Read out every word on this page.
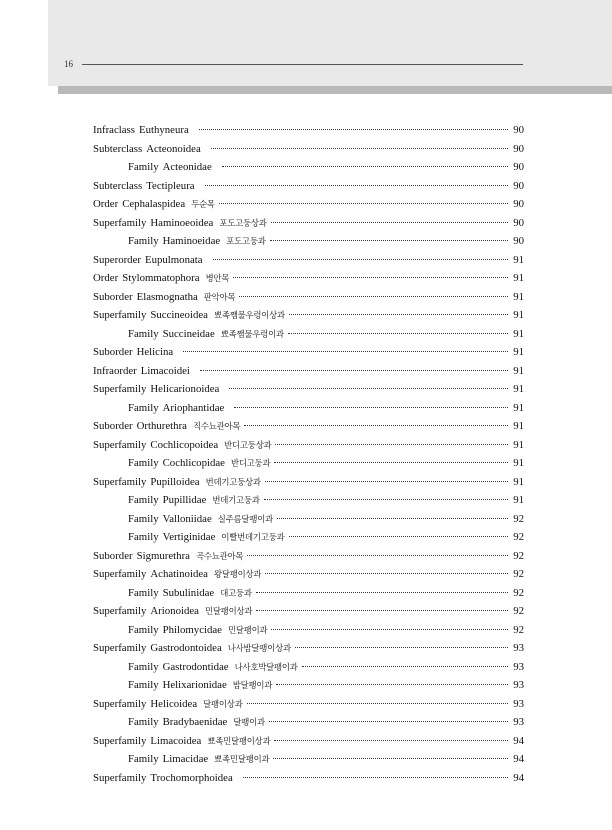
16
Infraclass Euthyneura	90
Subterclass Acteonoidea	90
Family Acteonidae	90
Subterclass Tectipleura	90
Order Cephalaspidea 두순목	90
Superfamily Haminoeoidea 포도고둥상과	90
Family Haminoeidae 포도고둥과	90
Superorder Eupulmonata	91
Order Stylommatophora 병안목	91
Suborder Elasmognatha 판악아목	91
Superfamily Succineoidea 뾰족쨈물우렁이상과	91
Family Succineidae 뾰족쨈물우렁이과	91
Suborder Helicina	91
Infraorder Limacoidei	91
Superfamily Helicarionoidea	91
Family Ariophantidae	91
Suborder Orthurethra 직수뇨관아목	91
Superfamily Cochlicopoidea 반디고둥상과	91
Family Cochlicopidae 반디고둥과	91
Superfamily Pupilloidea 번데기고둥상과	91
Family Pupillidae 번데기고둥과	91
Family Valloniidae 실주름달팽이과	92
Family Vertiginidae 이빨번데기고둥과	92
Suborder Sigmurethra 곡수뇨관아목	92
Superfamily Achatinoidea 왕달팽이상과	92
Family Subulinidae 대고둥과	92
Superfamily Arionoidea 민달팽이상과	92
Family Philomycidae 민달팽이과	92
Superfamily Gastrodontoidea 나사밤달팽이상과	93
Family Gastrodontidae 나사호박달팽이과	93
Family Helixarionidae 밤달팽이과	93
Superfamily Helicoidea 달팽이상과	93
Family Bradybaenidae 달팽이과	93
Superfamily Limacoidea 뾰족민달팽이상과	94
Family Limacidae 뾰족민달팽이과	94
Superfamily Trochomorphoidea	94
